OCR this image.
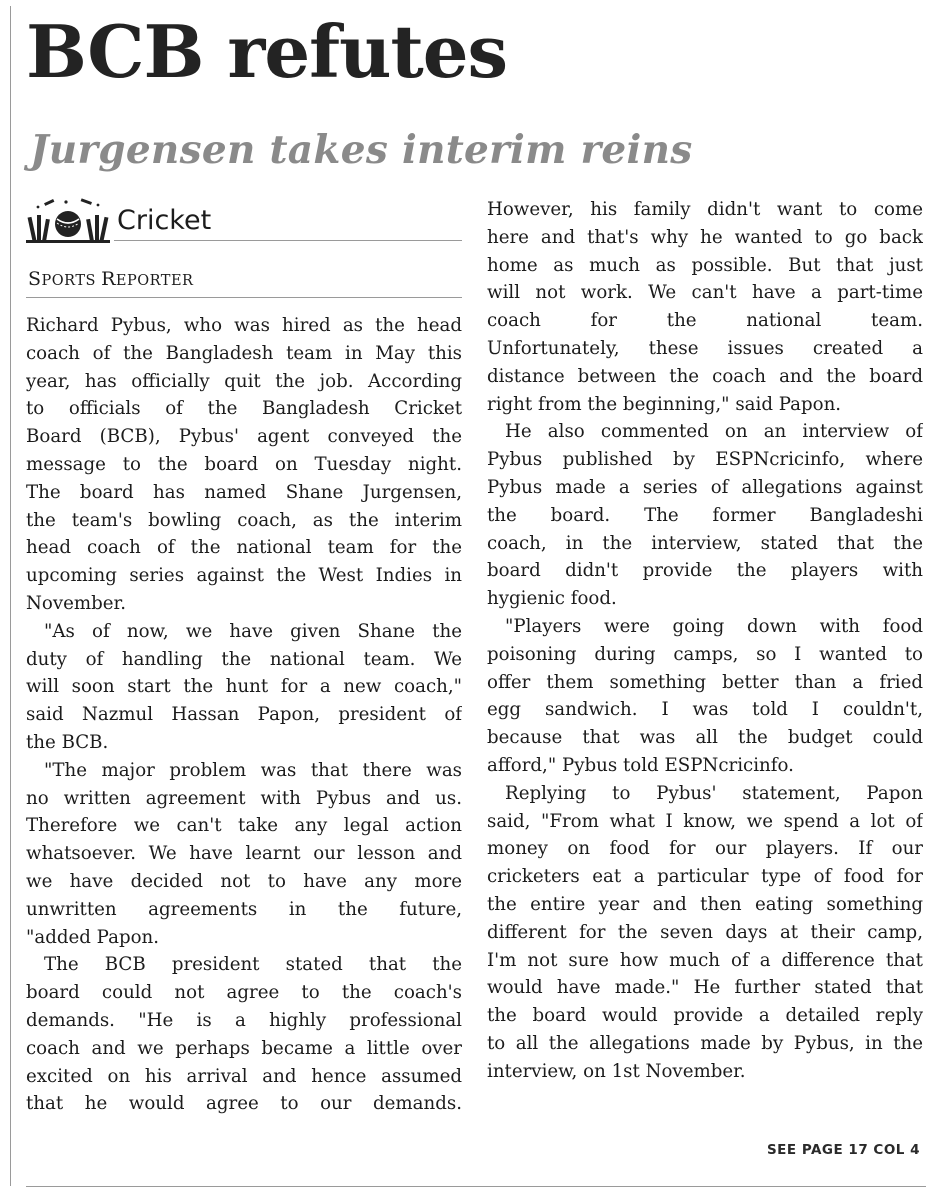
BCB refutes
Jurgensen takes interim reins
Cricket
SPORTS REPORTER
Richard Pybus, who was hired as the head
coach of the Bangladesh team in May this
year, has officially quit the job. According
to officials of the Bangladesh Cricket
Board (BCB), Pybus' agent conveyed the
message to the board on Tuesday night.
The board has named Shane Jurgensen,
the team's bowling coach, as the interim
head coach of the national team for the
upcoming series against the West Indies in
November.
"As of now, we have given Shane the
duty of handling the national team. We
will soon start the hunt for a new coach,"
said Nazmul Hassan Papon, president of
the BCB.
"The major problem was that there was
no written agreement with Pybus and us.
Therefore we can't take any legal action
whatsoever. We have learnt our lesson and
we have decided not to have any more
unwritten agreements in the future,
"added Papon.
The BCB president stated that the
board could not agree to the coach's
demands. "He is a highly professional
coach and we perhaps became a little over
excited on his arrival and hence assumed
that he would agree to our demands.
However, his family didn't want to come
here and that's why he wanted to go back
home as much as possible. But that just
will not work. We can't have a part-time
coach for the national team.
Unfortunately, these issues created a
distance between the coach and the board
right from the beginning," said Papon.
He also commented on an interview of
Pybus published by ESPNcricinfo, where
Pybus made a series of allegations against
the board. The former Bangladeshi
coach, in the interview, stated that the
board didn't provide the players with
hygienic food.
"Players were going down with food
poisoning during camps, so I wanted to
offer them something better than a fried
egg sandwich. I was told I couldn't,
because that was all the budget could
afford," Pybus told ESPNcricinfo.
Replying to Pybus' statement, Papon
said, "From what I know, we spend a lot of
money on food for our players. If our
cricketers eat a particular type of food for
the entire year and then eating something
different for the seven days at their camp,
I'm not sure how much of a difference that
would have made." He further stated that
the board would provide a detailed reply
to all the allegations made by Pybus, in the
interview, on 1st November.
SEE PAGE 17 COL 4
